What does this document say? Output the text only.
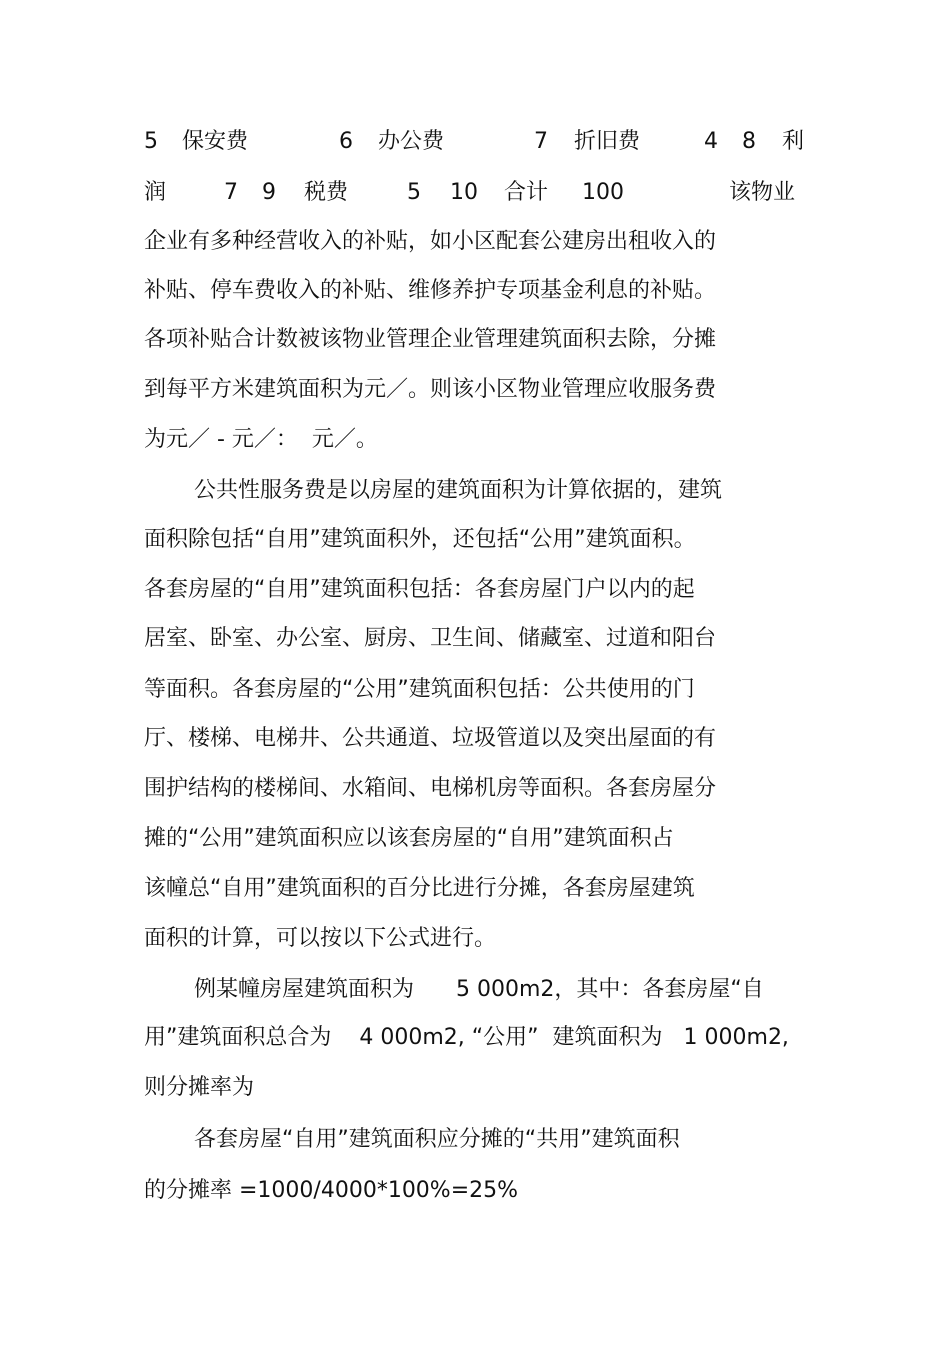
5 保安费	6 办公费	7 折旧费	4 8 利
润	7 9 税费	5 10 合计 100	该物业
企业有多种经营收入的补贴，如小区配套公建房出租收入的
补贴、停车费收入的补贴、维修养护专项基金利息的补贴。
各项补贴合计数被该物业管理企业管理建筑面积去除，分摊
到每平方米建筑面积为元／。则该小区物业管理应收服务费
为元／ - 元／：  元／。
公共性服务费是以房屋的建筑面积为计算依据的，建筑
面积除包括“自用”建筑面积外，还包括“公用”建筑面积。
各套房屋的“自用”建筑面积包括：各套房屋门户以内的起
居室、卧室、办公室、厨房、卫生间、储藏室、过道和阳台
等面积。各套房屋的“公用”建筑面积包括：公共使用的门
厅、楼梯、电梯井、公共通道、垃圾管道以及突出屋面的有
围护结构的楼梯间、水箱间、电梯机房等面积。各套房屋分
摊的“公用”建筑面积应以该套房屋的“自用”建筑面积占
该幢总“自用”建筑面积的百分比进行分摊，各套房屋建筑
面积的计算，可以按以下公式进行。
例某幢房屋建筑面积为      5 000m2，其中：各套房屋“自
用”建筑面积总合为    4 000m2, “公用”  建筑面积为   1 000m2,
则分摊率为
各套房屋“自用”建筑面积应分摊的“共用”建筑面积
的分摊率 =1000/4000*100%=25%
